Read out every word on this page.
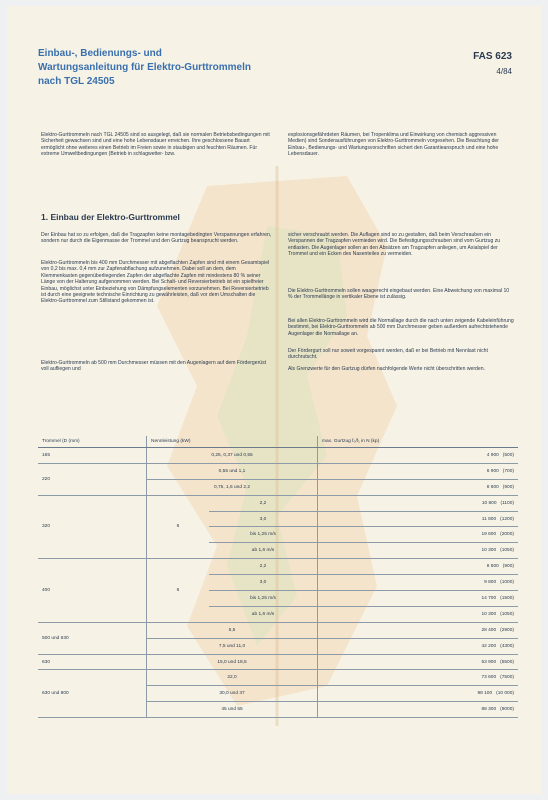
Einbau-, Bedienungs- und
Wartungsanleitung für Elektro-Gurttrommeln
nach TGL 24505

FAS 623
4/84

Elektro-Gurttrommeln nach TGL 24505 sind so ausgelegt, daß sie normalen Betriebsbedingungen mit Sicherheit gewachsen sind und eine hohe Lebensdauer erreichen. Ihre geschlossene Bauart ermöglicht ohne weiteres einen Betrieb im Freien sowie in staubigen und feuchten Räumen. Für extreme Umweltbedingungen (Betrieb in schlagwetter- bzw.

explosionsgefährdeten Räumen, bei Tropenklima und Einwirkung von chemisch aggressiven Medien) sind Sonderausführungen von Elektro-Gurttrommeln vorgesehen. Die Beachtung der Einbau-, Bedienungs- und Wartungsvorschriften sichert den Garantieanspruch und eine hohe Lebensdauer.

1. Einbau der Elektro-Gurttrommel

Der Einbau hat so zu erfolgen, daß die Tragzapfen keine montagebedingten Verspannungen erfahren, sondern nur durch die Eigenmasse der Trommel und den Gurtzug beansprucht werden.

Elektro-Gurttrommeln bis 400 mm Durchmesser mit abgeflachten Zapfen sind mit einem Gesamtspiel von 0,2 bis max. 0,4 mm zur Zapfenabflachung aufzunehmen. Dabei soll an dem, dem Klemmenkasten gegenüberliegenden Zapfen der abgeflachte Zapfen mit mindestens 80 % seiner Länge von der Halterung aufgenommen werden. Bei Schalt- und Reversierbetrieb ist ein spielfreier Einbau, möglichst unter Einbeziehung von Dämpfungselementen vorzunehmen. Bei Reversierbetrieb ist durch eine geeignete technische Einrichtung zu gewährleisten, daß vor dem Umschalten die Elektro-Gurttrommel zum Stillstand gekommen ist.

Elektro-Gurttrommeln ab 500 mm Durchmesser müssen mit den Augenlagern auf dem Fördergerüst voll aufliegen und

sicher verschraubt werden. Die Auflagen sind so zu gestalten, daß beim Verschrauben ein Verspannen der Tragzapfen vermieden wird. Die Befestigungsschrauben sind vom Gurtzug zu entlasten. Die Augenlager sollen an den Absätzen am Tragzapfen anliegen, um Axialspiel der Trommel und ein Ecken des Nasenteiles zu vermeiden.

Die Elektro-Gurttrommeln sollen waagerecht eingebaut werden. Eine Abweichung von maximal 10 % der Trommellänge in vertikaler Ebene ist zulässig.

Bei allen Elektro-Gurttrommeln wird die Normallage durch die nach unten zeigende Kabeleinführung bestimmt, bei Elektro-Gurttrommeln ab 500 mm Durchmesser geben außerdem aufrechtstehende Augenlager die Normallage an.

Der Fördergurt soll nur soweit vorgespannt werden, daß er bei Betrieb mit Nennlast nicht durchrutscht.

Als Grenzwerte für den Gurtzug dürfen nachfolgende Werte nicht überschritten werden.

Trommel (D (mm)	Nennleistung (kW)		max. Gurtzug f₀/f₁ in N (kp)
165	0,25, 0,37 und 0,55		4 900 (500)
220	0,55 und 1,1		6 900 (700)
	0,75, 1,5 und 2,2		8 800 (900)
320	6	2,2	10 800 (1100)
		3,0	11 800 (1200)
		bis 1,25 m/s	19 600 (2000)
		ab 1,6 m/s	10 300 (1050)
400	6	2,2	8 800 (900)
		3,0	9 800 (1000)
		bis 1,25 m/s	14 700 (1500)
		ab 1,6 m/s	10 300 (1050)
500 und 630	5,5		28 400 (2900)
	7,5 und 11,0		42 200 (4300)
630	15,0 und 18,5		53 900 (5500)
630 und 800	22,0		73 600 (7500)
	30,0 und 37		98 100 (10 000)
	45 und 55		88 300 (9000)
